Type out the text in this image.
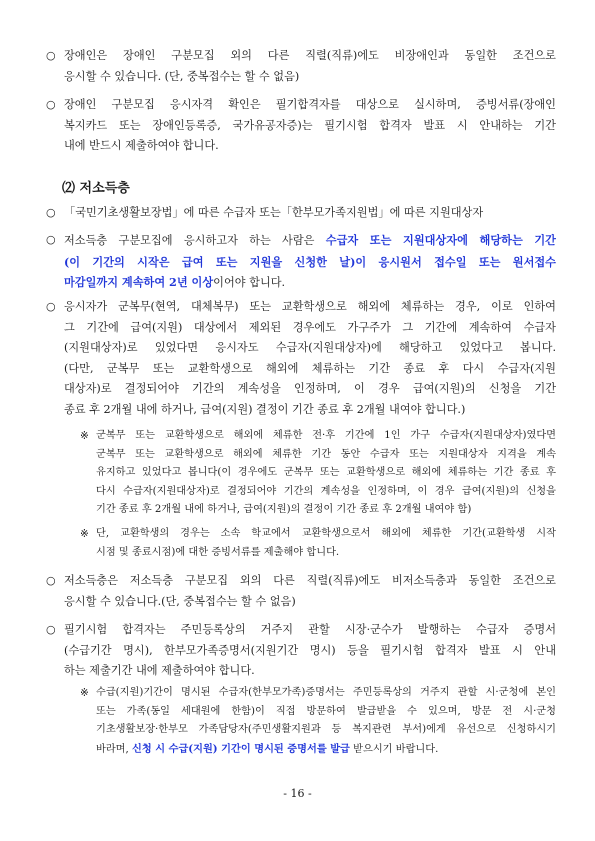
○ 장애인은 장애인 구분모집 외의 다른 직렬(직류)에도 비장애인과 동일한 조건으로
응시할 수 있습니다. (단, 중복접수는 할 수 없음)
○ 장애인 구분모집 응시자격 확인은 필기합격자를 대상으로 실시하며, 증빙서류(장애인
복지카드 또는 장애인등록증, 국가유공자증)는 필기시험 합격자 발표 시 안내하는 기간
내에 반드시 제출하여야 합니다.
⑵ 저소득층
○ 「국민기초생활보장법」에 따른 수급자 또는「한부모가족지원법」에 따른 지원대상자
○ 저소득층 구분모집에 응시하고자 하는 사람은 수급자 또는 지원대상자에 해당하는 기간
(이 기간의 시작은 급여 또는 지원을 신청한 날)이 응시원서 접수일 또는 원서접수
마감일까지 계속하여 2년 이상이어야 합니다.
○ 응시자가 군복무(현역, 대체복무) 또는 교환학생으로 해외에 체류하는 경우, 이로 인하여
그 기간에 급여(지원) 대상에서 제외된 경우에도 가구주가 그 기간에 계속하여 수급자
(지원대상자)로 있었다면 응시자도 수급자(지원대상자)에 해당하고 있었다고 봅니다.
(다만, 군복무 또는 교환학생으로 해외에 체류하는 기간 종료 후 다시 수급자(지원
대상자)로 결정되어야 기간의 계속성을 인정하며, 이 경우 급여(지원)의 신청을 기간
종료 후 2개월 내에 하거나, 급여(지원) 결정이 기간 종료 후 2개월 내여야 합니다.)
※ 군복무 또는 교환학생으로 해외에 체류한 전·후 기간에 1인 가구 수급자(지원대상자)였다면
군복무 또는 교환학생으로 해외에 체류한 기간 동안 수급자 또는 지원대상자 지격을 계속
유지하고 있었다고 봅니다(이 경우에도 군복무 또는 교환학생으로 해외에 체류하는 기간 종료 후
다시 수급자(지원대상자)로 결정되어야 기간의 계속성을 인정하며, 이 경우 급여(지원)의 신청을
기간 종료 후 2개월 내에 하거나, 급여(지원)의 결정이 기간 종료 후 2개월 내여야 함)
※ 단, 교환학생의 경우는 소속 학교에서 교환학생으로서 해외에 체류한 기간(교환학생 시작
시점 및 종료시점)에 대한 증빙서류를 제출해야 합니다.
○ 저소득층은 저소득층 구분모집 외의 다른 직렬(직류)에도 비저소득층과 동일한 조건으로
응시할 수 있습니다.(단, 중복접수는 할 수 없음)
○ 필기시험 합격자는 주민등록상의 거주지 관할 시장·군수가 발행하는 수급자 증명서
(수급기간 명시), 한부모가족증명서(지원기간 명시) 등을 필기시험 합격자 발표 시 안내
하는 제출기간 내에 제출하여야 합니다.
※ 수급(지원)기간이 명시된 수급자(한부모가족)증명서는 주민등록상의 거주지 관할 시·군청에 본인
또는 가족(동일 세대원에 한함)이 직접 방문하여 발급받을 수 있으며, 방문 전 시·군청
기초생활보장·한부모 가족담당자(주민생활지원과 등 복지관련 부서)에게 유선으로 신청하시기
바라며, 신청 시 수급(지원) 기간이 명시된 증명서를 발급 받으시기 바랍니다.
- 16 -
